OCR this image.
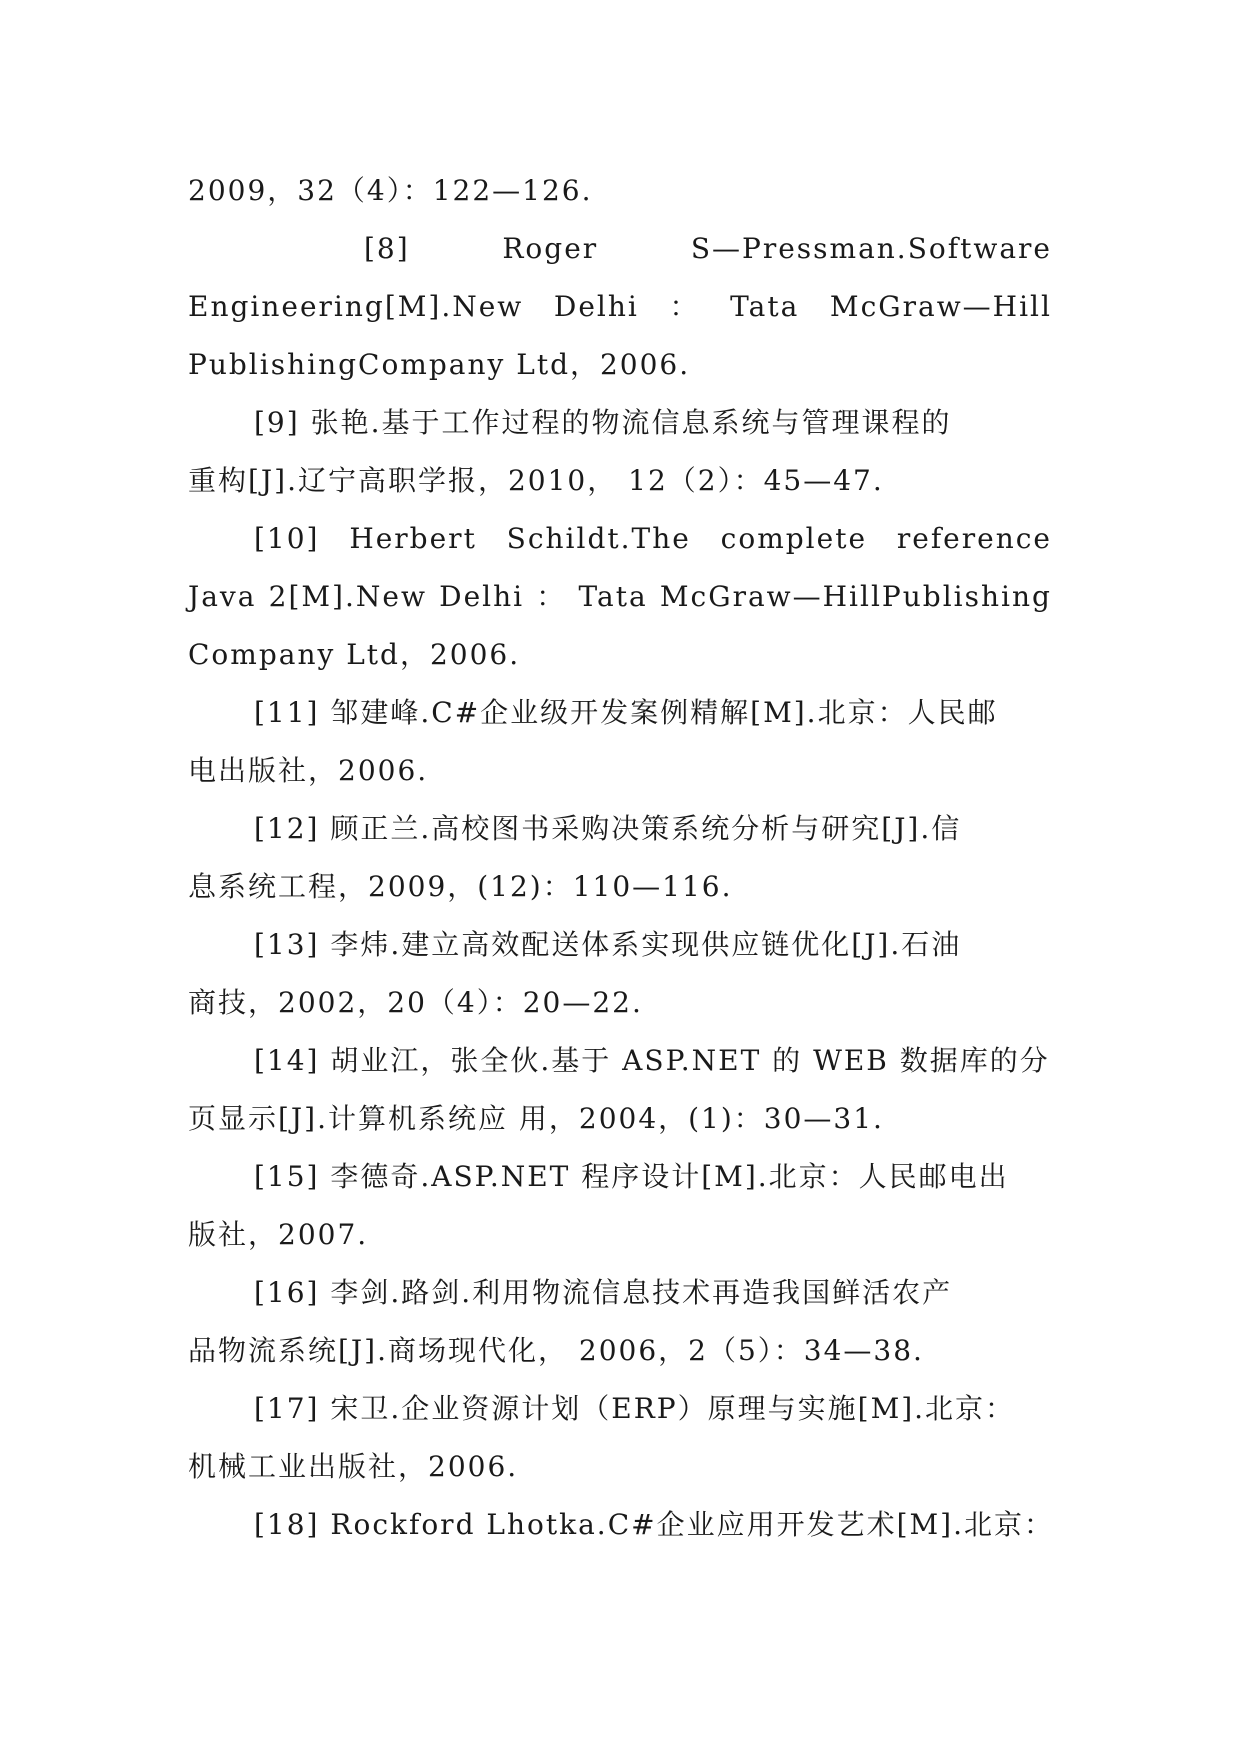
2009，32（4）：122—126.
[8]	Roger	S—Pressman.Software
Engineering[M].New Delhi ： Tata McGraw—Hill
PublishingCompany Ltd，2006.
[9] 张艳.基于工作过程的物流信息系统与管理课程的
重构[J].辽宁高职学报，2010， 12（2）：45—47.
[10] Herbert Schildt.The complete reference
Java 2[M].New Delhi ： Tata McGraw—HillPublishing
Company Ltd，2006.
[11] 邹建峰.C#企业级开发案例精解[M].北京：人民邮
电出版社，2006.
[12] 顾正兰.高校图书采购决策系统分析与研究[J].信
息系统工程，2009，(12)：110—116.
[13] 李炜.建立高效配送体系实现供应链优化[J].石油
商技，2002，20（4）：20—22.
[14] 胡业江，张全伙.基于 ASP.NET 的 WEB 数据库的分
页显示[J].计算机系统应 用，2004，(1)：30—31.
[15] 李德奇.ASP.NET 程序设计[M].北京：人民邮电出
版社，2007.
[16] 李剑.路剑.利用物流信息技术再造我国鲜活农产
品物流系统[J].商场现代化， 2006，2（5）：34—38.
[17] 宋卫.企业资源计划（ERP）原理与实施[M].北京：
机械工业出版社，2006.
[18] Rockford Lhotka.C#企业应用开发艺术[M].北京：
